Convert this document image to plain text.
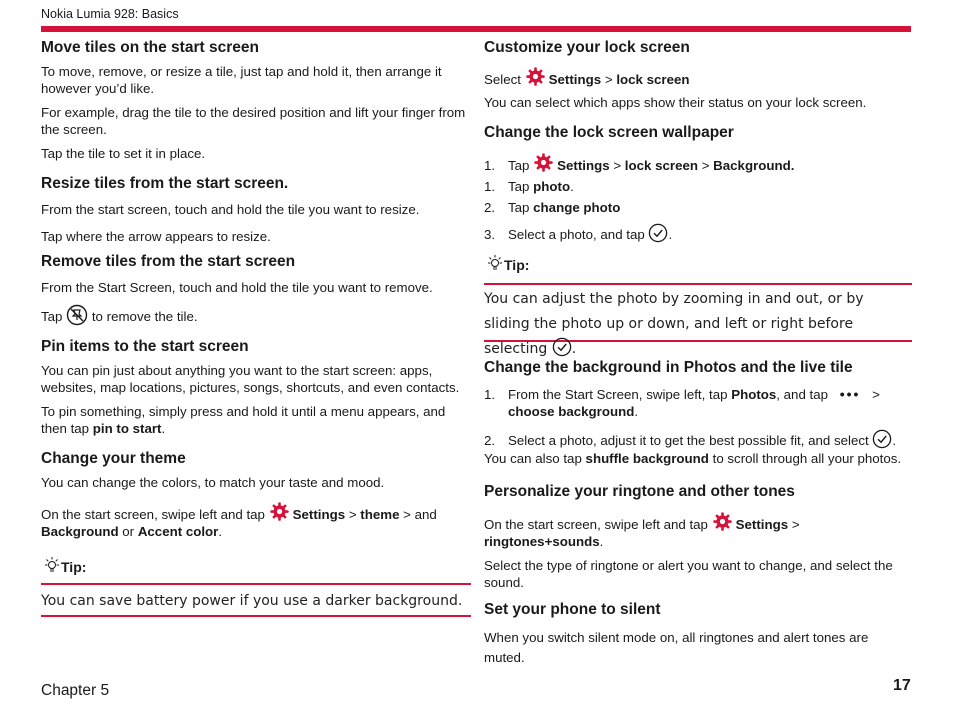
Nokia Lumia 928: Basics
Move tiles on the start screen
To move, remove, or resize a tile, just tap and hold it, then arrange it however you’d like.
For example, drag the tile to the desired position and lift your finger from the screen.
Tap the tile to set it in place.
Resize tiles from the start screen.
From the start screen, touch and hold the tile you want to resize.
Tap where the arrow appears to resize.
Remove tiles from the start screen
From the Start Screen, touch and hold the tile you want to remove.
Tap to remove the tile.
Pin items to the start screen
You can pin just about anything you want to the start screen: apps, websites, map locations, pictures, songs, shortcuts, and even contacts.
To pin something, simply press and hold it until a menu appears, and then tap pin to start.
Change your theme
You can change the colors, to match your taste and mood.
On the start screen, swipe left and tap Settings > theme > and
Background or Accent color.
Tip:
You can save battery power if you use a darker background.
Customize your lock screen
Select Settings > lock screen
You can select which apps show their status on your lock screen.
Change the lock screen wallpaper
1. Tap Settings > lock screen > Background.
1. Tap photo.
2. Tap change photo
3. Select a photo, and tap .
Tip:
You can adjust the photo by zooming in and out, or by sliding the photo up or down, and left or right before selecting .
Change the background in Photos and the live tile
1. From the Start Screen, swipe left, tap Photos, and tap ••• >
choose background.
2. Select a photo, adjust it to get the best possible fit, and select .
You can also tap shuffle background to scroll through all your photos.
Personalize your ringtone and other tones
On the start screen, swipe left and tap Settings >
ringtones+sounds.
Select the type of ringtone or alert you want to change, and select the sound.
Set your phone to silent
When you switch silent mode on, all ringtones and alert tones are muted.
Chapter 5	17
